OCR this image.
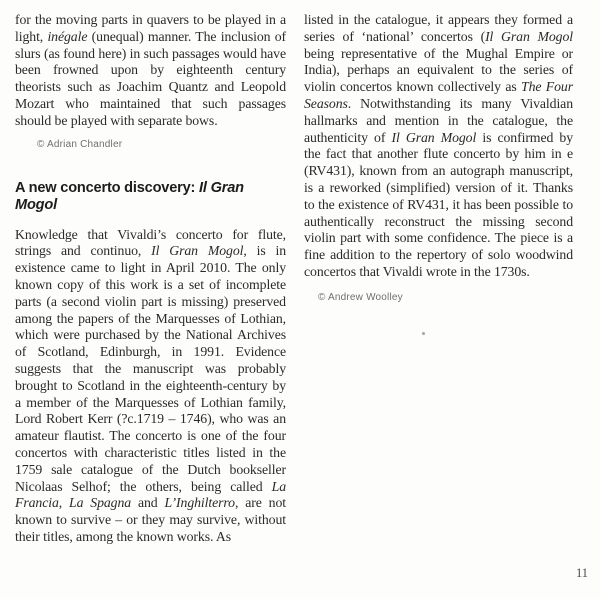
for the moving parts in quavers to be played in a light, inégale (unequal) manner. The inclusion of slurs (as found here) in such passages would have been frowned upon by eighteenth century theorists such as Joachim Quantz and Leopold Mozart who maintained that such passages should be played with separate bows.

© Adrian Chandler

A new concerto discovery: Il Gran Mogol

Knowledge that Vivaldi’s concerto for flute, strings and continuo, Il Gran Mogol, is in existence came to light in April 2010. The only known copy of this work is a set of incomplete parts (a second violin part is missing) preserved among the papers of the Marquesses of Lothian, which were purchased by the National Archives of Scotland, Edinburgh, in 1991. Evidence suggests that the manuscript was probably brought to Scotland in the eighteenth-century by a member of the Marquesses of Lothian family, Lord Robert Kerr (?c.1719 – 1746), who was an amateur flautist. The concerto is one of the four concertos with characteristic titles listed in the 1759 sale catalogue of the Dutch bookseller Nicolaas Selhof; the others, being called La Francia, La Spagna and L’Inghilterro, are not known to survive – or they may survive, without their titles, among the known works. As

listed in the catalogue, it appears they formed a series of ‘national’ concertos (Il Gran Mogol being representative of the Mughal Empire or India), perhaps an equivalent to the series of violin concertos known collectively as The Four Seasons. Notwithstanding its many Vivaldian hallmarks and mention in the catalogue, the authenticity of Il Gran Mogol is confirmed by the fact that another flute concerto by him in e (RV431), known from an autograph manuscript, is a reworked (simplified) version of it. Thanks to the existence of RV431, it has been possible to authentically reconstruct the missing second violin part with some confidence. The piece is a fine addition to the repertory of solo woodwind concertos that Vivaldi wrote in the 1730s.

© Andrew Woolley

11
